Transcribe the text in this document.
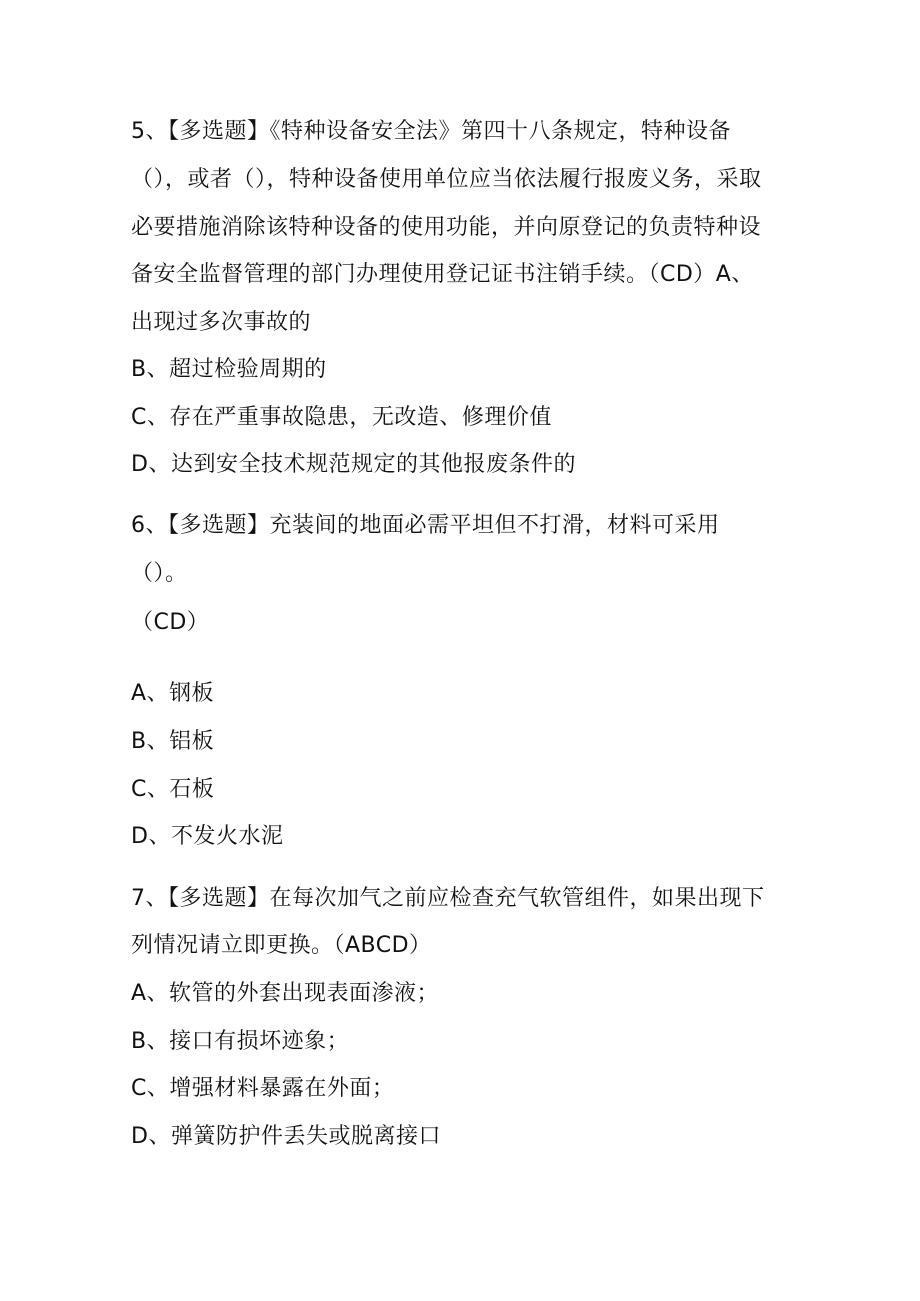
5、【多选题】《特种设备安全法》第四十八条规定，特种设备
（），或者（），特种设备使用单位应当依法履行报废义务，采取
必要措施消除该特种设备的使用功能，并向原登记的负责特种设
备安全监督管理的部门办理使用登记证书注销手续。（CD）A、
出现过多次事故的
B、超过检验周期的
C、存在严重事故隐患，无改造、修理价值
D、达到安全技术规范规定的其他报废条件的
6、【多选题】充装间的地面必需平坦但不打滑，材料可采用
（）。
（CD）
A、钢板
B、铝板
C、石板
D、不发火水泥
7、【多选题】在每次加气之前应检查充气软管组件，如果出现下
列情况请立即更换。（ABCD）
A、软管的外套出现表面渗液；
B、接口有损坏迹象；
C、增强材料暴露在外面；
D、弹簧防护件丢失或脱离接口
